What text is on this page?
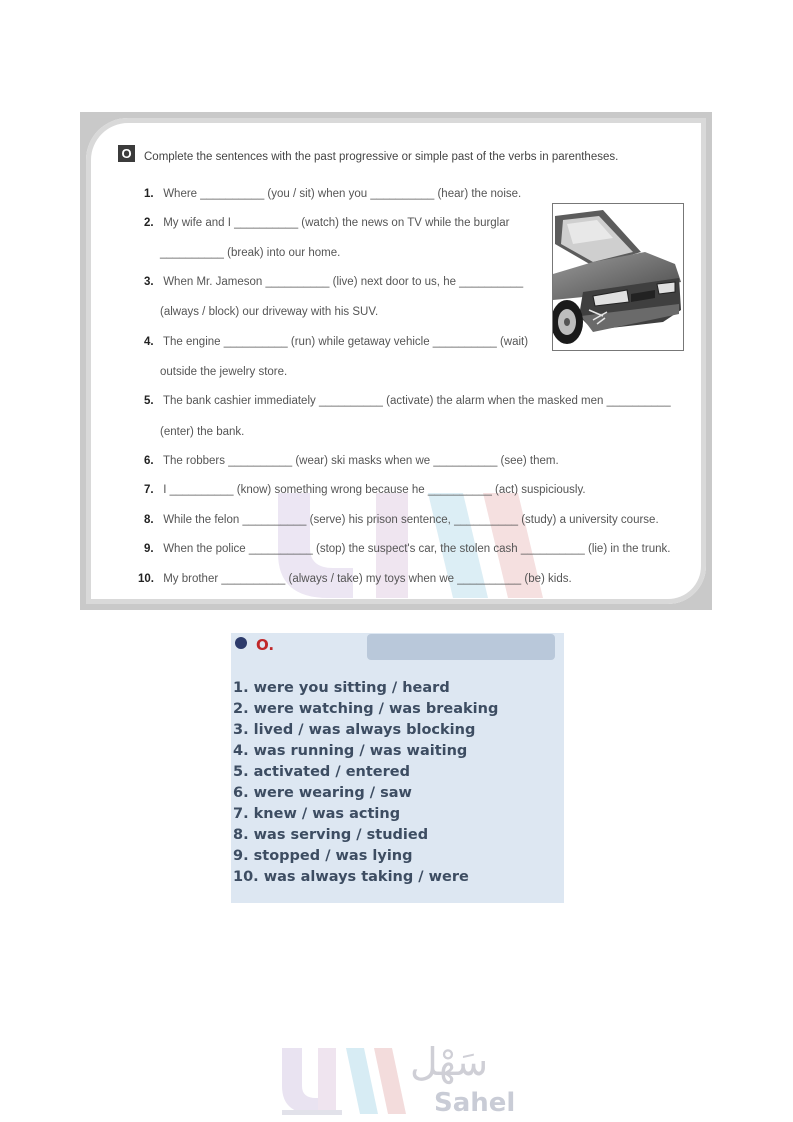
O Complete the sentences with the past progressive or simple past of the verbs in parentheses.
1. Where __________ (you / sit) when you __________ (hear) the noise.
2. My wife and I __________ (watch) the news on TV while the burglar
__________ (break) into our home.
3. When Mr. Jameson __________ (live) next door to us, he __________
(always / block) our driveway with his SUV.
4. The engine __________ (run) while getaway vehicle __________ (wait)
outside the jewelry store.
5. The bank cashier immediately __________ (activate) the alarm when the masked men __________
(enter) the bank.
6. The robbers __________ (wear) ski masks when we __________ (see) them.
7. I __________ (know) something wrong because he __________ (act) suspiciously.
8. While the felon __________ (serve) his prison sentence, __________ (study) a university course.
9. When the police __________ (stop) the suspect's car, the stolen cash __________ (lie) in the trunk.
10. My brother __________ (always / take) my toys when we __________ (be) kids.
O.
1. were you sitting / heard
2. were watching / was breaking
3. lived / was always blocking
4. was running / was waiting
5. activated / entered
6. were wearing / saw
7. knew / was acting
8. was serving / studied
9. stopped / was lying
10. was always taking / were
سَهْل
Sahel
